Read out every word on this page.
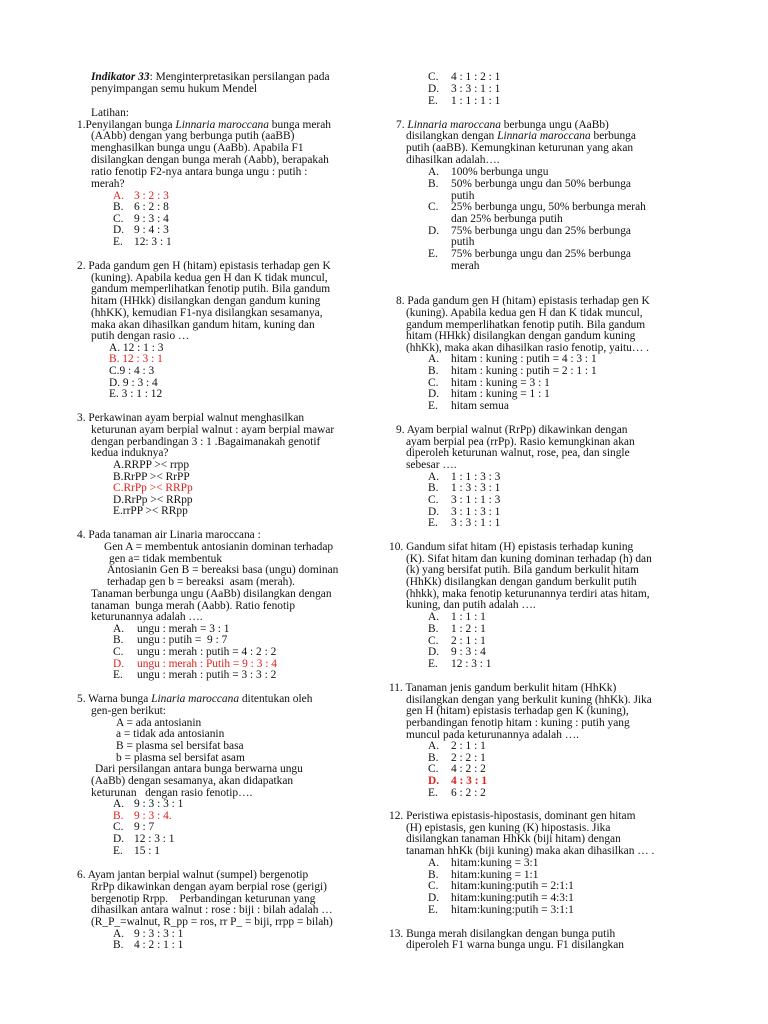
Indikator 33: Menginterpretasikan persilangan pada
penyimpangan semu hukum Mendel
Latihan:
1.Penyilangan bunga Linnaria maroccana bunga merah
(AAbb) dengan yang berbunga putih (aaBB)
menghasilkan bunga ungu (AaBb). Apabila F1
disilangkan dengan bunga merah (Aabb), berapakah
ratio fenotip F2-nya antara bunga ungu : putih :
merah?
A. 3 : 2 : 3
B. 6 : 2 : 8
C. 9 : 3 : 4
D. 9 : 4 : 3
E. 12: 3 : 1
2. Pada gandum gen H (hitam) epistasis terhadap gen K
(kuning). Apabila kedua gen H dan K tidak muncul,
gandum memperlihatkan fenotip putih. Bila gandum
hitam (HHkk) disilangkan dengan gandum kuning
(hhKK), kemudian F1-nya disilangkan sesamanya,
maka akan dihasilkan gandum hitam, kuning dan
putih dengan rasio …
A. 12 : 1 : 3
B. 12 : 3 : 1
C.9 : 4 : 3
D. 9 : 3 : 4
E. 3 : 1 : 12
3. Perkawinan ayam berpial walnut menghasilkan
keturunan ayam berpial walnut : ayam berpial mawar
dengan perbandingan 3 : 1 .Bagaimanakah genotif
kedua induknya?
A.RRPP >< rrpp
B.RrPP >< RrPP
C.RrPp >< RRPp
D.RrPp >< RRpp
E.rrPP >< RRpp
4. Pada tanaman air Linaria maroccana :
Gen A = membentuk antosianin dominan terhadap
gen a= tidak membentuk
Antosianin Gen B = bereaksi basa (ungu) dominan
terhadap gen b = bereaksi  asam (merah).
Tanaman berbunga ungu (AaBb) disilangkan dengan
tanaman  bunga merah (Aabb). Ratio fenotip
keturunannya adalah ….
A. ungu : merah = 3 : 1
B. ungu : putih =  9 : 7
C. ungu : merah : putih = 4 : 2 : 2
D. ungu : merah : Putih = 9 : 3 : 4
E. ungu : merah : putih = 3 : 3 : 2
5. Warna bunga Linaria maroccana ditentukan oleh
gen-gen berikut:
A = ada antosianin
a = tidak ada antosianin
B = plasma sel bersifat basa
b = plasma sel bersifat asam
Dari persilangan antara bunga berwarna ungu
(AaBb) dengan sesamanya, akan didapatkan
keturunan   dengan rasio fenotip….
A. 9 : 3 : 3 : 1
B. 9 : 3 : 4.
C. 9 : 7
D. 12 : 3 : 1
E. 15 : 1
6. Ayam jantan berpial walnut (sumpel) bergenotip
RrPp dikawinkan dengan ayam berpial rose (gerigi)
bergenotip Rrpp.    Perbandingan keturunan yang
dihasilkan antara walnut : rose : biji : bilah adalah …
(R_P_=walnut, R_pp = ros, rr P_ = biji, rrpp = bilah)
A. 9 : 3 : 3 : 1
B. 4 : 2 : 1 : 1
C. 4 : 1 : 2 : 1
D. 3 : 3 : 1 : 1
E. 1 : 1 : 1 : 1
7. Linnaria maroccana berbunga ungu (AaBb)
disilangkan dengan Linnaria maroccana berbunga
putih (aaBB). Kemungkinan keturunan yang akan
dihasilkan adalah….
A. 100% berbunga ungu
B. 50% berbunga ungu dan 50% berbunga
putih
C. 25% berbunga ungu, 50% berbunga merah
dan 25% berbunga putih
D. 75% berbunga ungu dan 25% berbunga
putih
E. 75% berbunga ungu dan 25% berbunga
merah
8. Pada gandum gen H (hitam) epistasis terhadap gen K
(kuning). Apabila kedua gen H dan K tidak muncul,
gandum memperlihatkan fenotip putih. Bila gandum
hitam (HHkk) disilangkan dengan gandum kuning
(hhKk), maka akan dihasilkan rasio fenotip, yaitu… .
A. hitam : kuning : putih = 4 : 3 : 1
B. hitam : kuning : putih = 2 : 1 : 1
C. hitam : kuning = 3 : 1
D. hitam : kuning = 1 : 1
E. hitam semua
9. Ayam berpial walnut (RrPp) dikawinkan dengan
ayam berpial pea (rrPp). Rasio kemungkinan akan
diperoleh keturunan walnut, rose, pea, dan single
sebesar ….
A. 1 : 1 : 3 : 3
B. 1 : 3 : 3 : 1
C. 3 : 1 : 1 : 3
D. 3 : 1 : 3 : 1
E. 3 : 3 : 1 : 1
10. Gandum sifat hitam (H) epistasis terhadap kuning
(K). Sifat hitam dan kuning dominan terhadap (h) dan
(k) yang bersifat putih. Bila gandum berkulit hitam
(HhKk) disilangkan dengan gandum berkulit putih
(hhkk), maka fenotip keturunannya terdiri atas hitam,
kuning, dan putih adalah ….
A. 1 : 1 : 1
B. 1 : 2 : 1
C. 2 : 1 : 1
D. 9 : 3 : 4
E. 12 : 3 : 1
11. Tanaman jenis gandum berkulit hitam (HhKk)
disilangkan dengan yang berkulit kuning (hhKk). Jika
gen H (hitam) epistasis terhadap gen K (kuning),
perbandingan fenotip hitam : kuning : putih yang
muncul pada keturunannya adalah ….
A. 2 : 1 : 1
B. 2 : 2 : 1
C. 4 : 2 : 2
D. 4 : 3 : 1
E. 6 : 2 : 2
12. Peristiwa epistasis-hipostasis, dominant gen hitam
(H) epistasis, gen kuning (K) hipostasis. Jika
disilangkan tanaman HhKk (biji hitam) dengan
tanaman hhKk (biji kuning) maka akan dihasilkan … .
A. hitam:kuning = 3:1
B. hitam:kuning = 1:1
C. hitam:kuning:putih = 2:1:1
D. hitam:kuning:putih = 4:3:1
E. hitam:kuning:putih = 3:1:1
13. Bunga merah disilangkan dengan bunga putih
diperoleh F1 warna bunga ungu. F1 disilangkan
